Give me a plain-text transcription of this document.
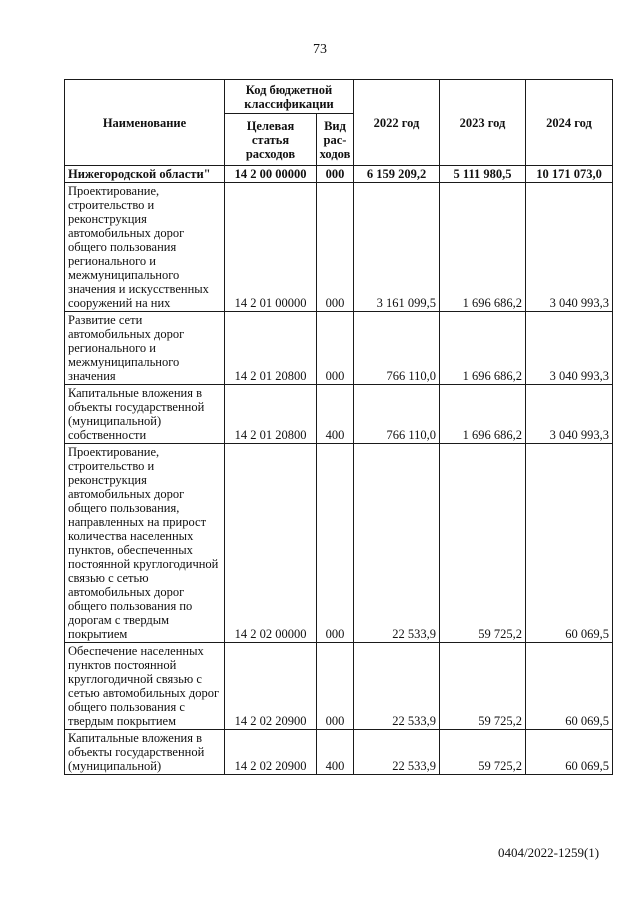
73
Наименование	Код бюджетной классификации		2022 год	2023 год	2024 год
	Целевая статья расходов	Вид рас-ходов			
Нижегородской области"	14 2 00 00000	000	6 159 209,2	5 111 980,5	10 171 073,0
Проектирование, строительство и реконструкция автомобильных дорог общего пользования регионального и межмуниципального значения и искусственных сооружений на них	14 2 01 00000	000	3 161 099,5	1 696 686,2	3 040 993,3
Развитие сети автомобильных дорог регионального и межмуниципального значения	14 2 01 20800	000	766 110,0	1 696 686,2	3 040 993,3
Капитальные вложения в объекты государственной (муниципальной) собственности	14 2 01 20800	400	766 110,0	1 696 686,2	3 040 993,3
Проектирование, строительство и реконструкция автомобильных дорог общего пользования, направленных на прирост количества населенных пунктов, обеспеченных постоянной круглогодичной связью с сетью автомобильных дорог общего пользования по дорогам с твердым покрытием	14 2 02 00000	000	22 533,9	59 725,2	60 069,5
Обеспечение населенных пунктов постоянной круглогодичной связью с сетью автомобильных дорог общего пользования с твердым покрытием	14 2 02 20900	000	22 533,9	59 725,2	60 069,5
Капитальные вложения в объекты государственной (муниципальной)	14 2 02 20900	400	22 533,9	59 725,2	60 069,5
0404/2022-1259(1)
